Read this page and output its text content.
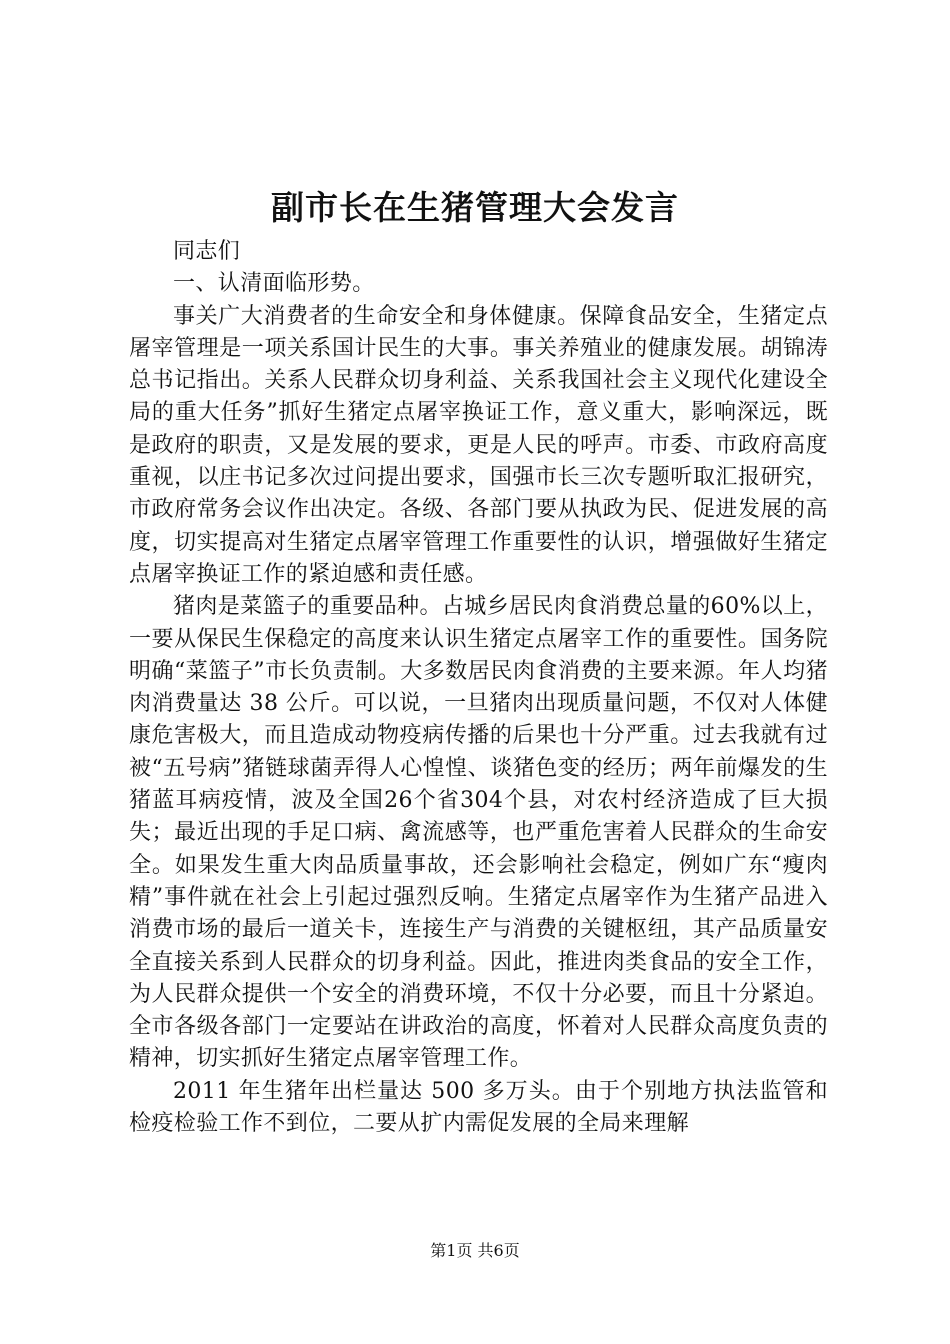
副市长在生猪管理大会发言

同志们

一、认清面临形势。

事关广大消费者的生命安全和身体健康。保障食品安全，生猪定点屠宰管理是一项关系国计民生的大事。事关养殖业的健康发展。胡锦涛总书记指出。关系人民群众切身利益、关系我国社会主义现代化建设全局的重大任务”抓好生猪定点屠宰换证工作，意义重大，影响深远，既是政府的职责，又是发展的要求，更是人民的呼声。市委、市政府高度重视，以庄书记多次过问提出要求，国强市长三次专题听取汇报研究，市政府常务会议作出决定。各级、各部门要从执政为民、促进发展的高度，切实提高对生猪定点屠宰管理工作重要性的认识，增强做好生猪定点屠宰换证工作的紧迫感和责任感。

猪肉是菜篮子的重要品种。占城乡居民肉食消费总量的60%以上，一要从保民生保稳定的高度来认识生猪定点屠宰工作的重要性。国务院明确“菜篮子”市长负责制。大多数居民肉食消费的主要来源。年人均猪肉消费量达 38 公斤。可以说，一旦猪肉出现质量问题，不仅对人体健康危害极大，而且造成动物疫病传播的后果也十分严重。过去我就有过被“五号病”猪链球菌弄得人心惶惶、谈猪色变的经历；两年前爆发的生猪蓝耳病疫情，波及全国26个省304个县，对农村经济造成了巨大损失；最近出现的手足口病、禽流感等，也严重危害着人民群众的生命安全。如果发生重大肉品质量事故，还会影响社会稳定，例如广东“瘦肉精”事件就在社会上引起过强烈反响。生猪定点屠宰作为生猪产品进入消费市场的最后一道关卡，连接生产与消费的关键枢纽，其产品质量安全直接关系到人民群众的切身利益。因此，推进肉类食品的安全工作，为人民群众提供一个安全的消费环境，不仅十分必要，而且十分紧迫。全市各级各部门一定要站在讲政治的高度，怀着对人民群众高度负责的精神，切实抓好生猪定点屠宰管理工作。

2011 年生猪年出栏量达 500 多万头。由于个别地方执法监管和检疫检验工作不到位，二要从扩内需促发展的全局来理解

第1页 共6页
